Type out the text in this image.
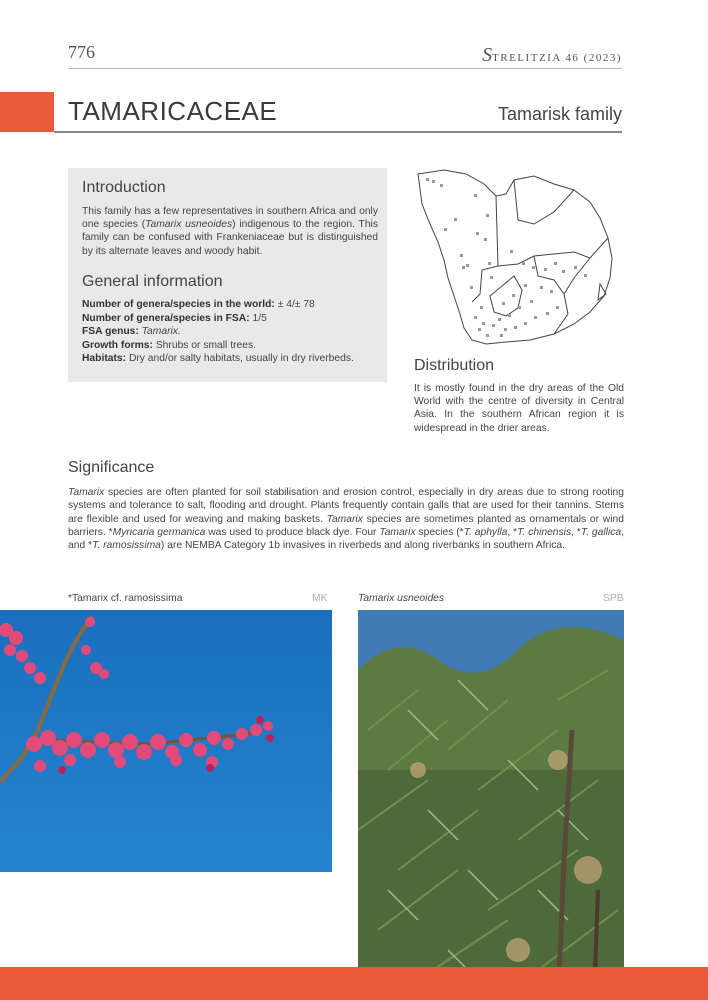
776	STRELITZIA 46 (2023)
TAMARICACEAE	Tamarisk family
Introduction
This family has a few representatives in southern Africa and only one species (Tamarix usneoides) indigenous to the region. This family can be confused with Frankeniaceae but is distinguished by its alternate leaves and woody habit.
General information
Number of genera/species in the world: ± 4/± 78
Number of genera/species in FSA: 1/5
FSA genus: Tamarix.
Growth forms: Shrubs or small trees.
Habitats: Dry and/or salty habitats, usually in dry riverbeds.	Distribution
It is mostly found in the dry areas of the Old World with the centre of diversity in Central Asia. In the southern African region it is widespread in the drier areas.
Significance
Tamarix species are often planted for soil stabilisation and erosion control, especially in dry areas due to strong rooting systems and tolerance to salt, flooding and drought. Plants frequently contain galls that are used for their tannins. Stems are flexible and used for weaving and making baskets. Tamarix species are sometimes planted as ornamentals or wind barriers. *Myricaria germanica was used to produce black dye. Four Tamarix species (*T. aphylla, *T. chinensis, *T. gallica, and *T. ramosissima) are NEMBA Category 1b invasives in riverbeds and along riverbanks in southern Africa.
*Tamarix cf. ramosissima	MK	Tamarix usneoides	SPB
